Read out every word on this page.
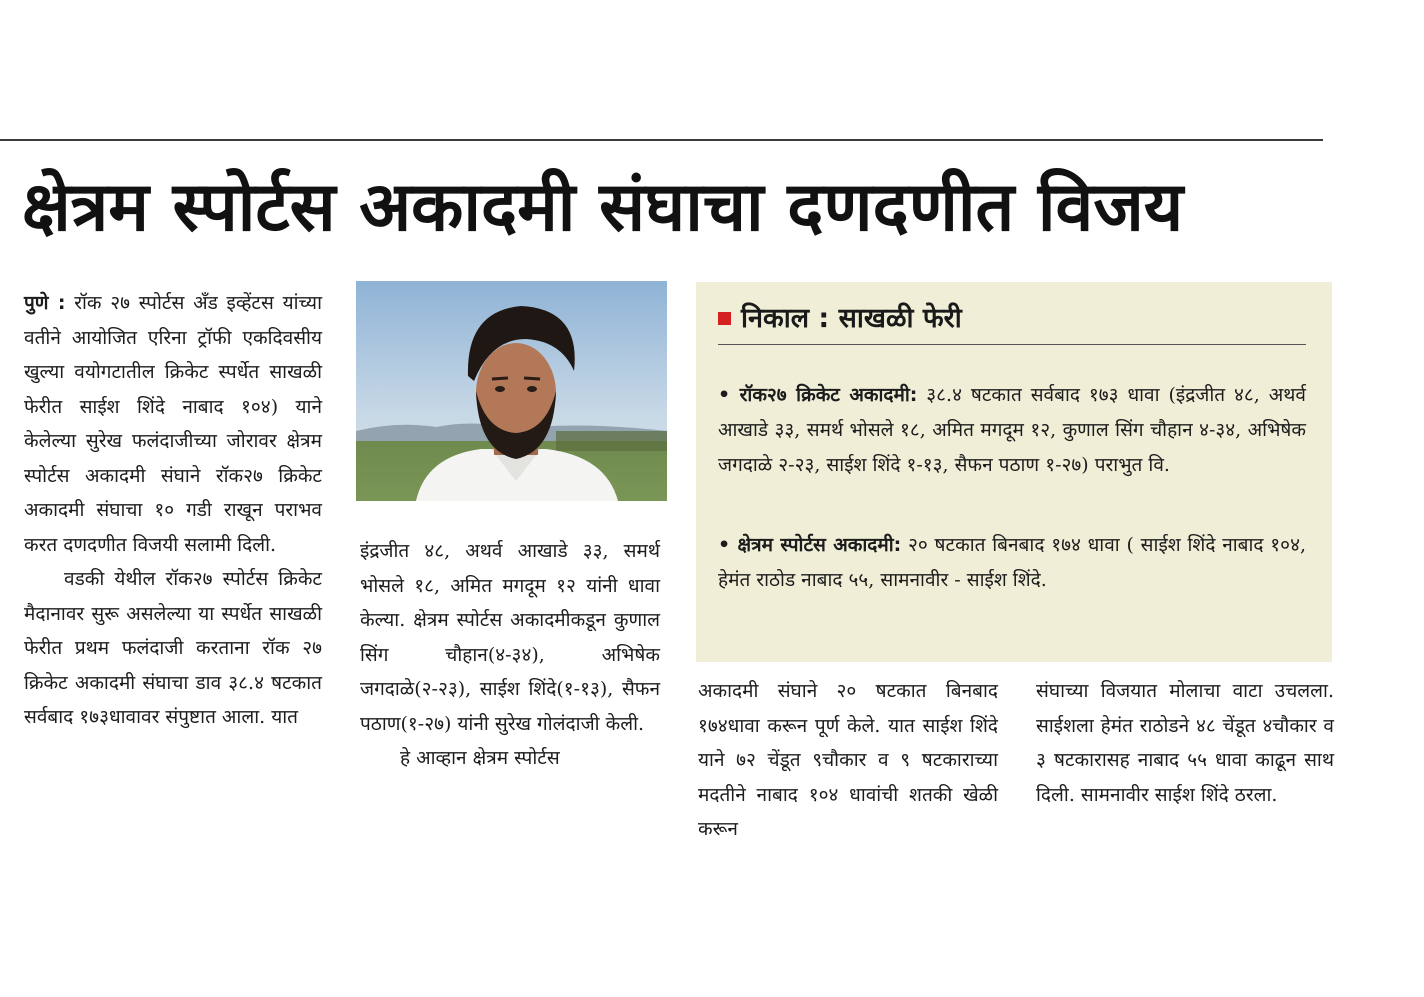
क्षेत्रम स्पोर्टस अकादमी संघाचा दणदणीत विजय

पुणे : रॉक २७ स्पोर्टस अँड इव्हेंटस यांच्या वतीने आयोजित एरिना ट्रॉफी एकदिवसीय खुल्या वयोगटातील क्रिकेट स्पर्धेत साखळी फेरीत साईश शिंदे नाबाद १०४) याने केलेल्या सुरेख फलंदाजीच्या जोरावर क्षेत्रम स्पोर्टस अकादमी संघाने रॉक२७ क्रिकेट अकादमी संघाचा १० गडी राखून पराभव करत दणदणीत विजयी सलामी दिली.

वडकी येथील रॉक२७ स्पोर्टस क्रिकेट मैदानावर सुरू असलेल्या या स्पर्धेत साखळी फेरीत प्रथम फलंदाजी करताना रॉक २७ क्रिकेट अकादमी संघाचा डाव ३८.४ षटकात सर्वबाद १७३धावावर संपुष्टात आला. यात

इंद्रजीत ४८, अथर्व आखाडे ३३, समर्थ भोसले १८, अमित मगदूम १२ यांनी धावा केल्या. क्षेत्रम स्पोर्टस अकादमीकडून कुणाल सिंग चौहान(४-३४), अभिषेक जगदाळे(२-२३), साईश शिंदे(१-१३), सैफन पठाण(१-२७) यांनी सुरेख गोलंदाजी केली.

हे आव्हान क्षेत्रम स्पोर्टस

निकाल : साखळी फेरी
• रॉक२७ क्रिकेट अकादमी: ३८.४ षटकात सर्वबाद १७३ धावा (इंद्रजीत ४८, अथर्व आखाडे ३३, समर्थ भोसले १८, अमित मगदूम १२, कुणाल सिंग चौहान ४-३४, अभिषेक जगदाळे २-२३, साईश शिंदे १-१३, सैफन पठाण १-२७) पराभुत वि.
• क्षेत्रम स्पोर्टस अकादमी: २० षटकात बिनबाद १७४ धावा ( साईश शिंदे नाबाद १०४, हेमंत राठोड नाबाद ५५, सामनावीर - साईश शिंदे.

अकादमी संघाने २० षटकात बिनबाद १७४धावा करून पूर्ण केले. यात साईश शिंदे याने ७२ चेंडूत ९चौकार व ९ षटकाराच्या मदतीने नाबाद १०४ धावांची शतकी खेळी करून

संघाच्या विजयात मोलाचा वाटा उचलला. साईशला हेमंत राठोडने ४८ चेंडूत ४चौकार व ३ षटकारासह नाबाद ५५ धावा काढून साथ दिली. सामनावीर साईश शिंदे ठरला.
